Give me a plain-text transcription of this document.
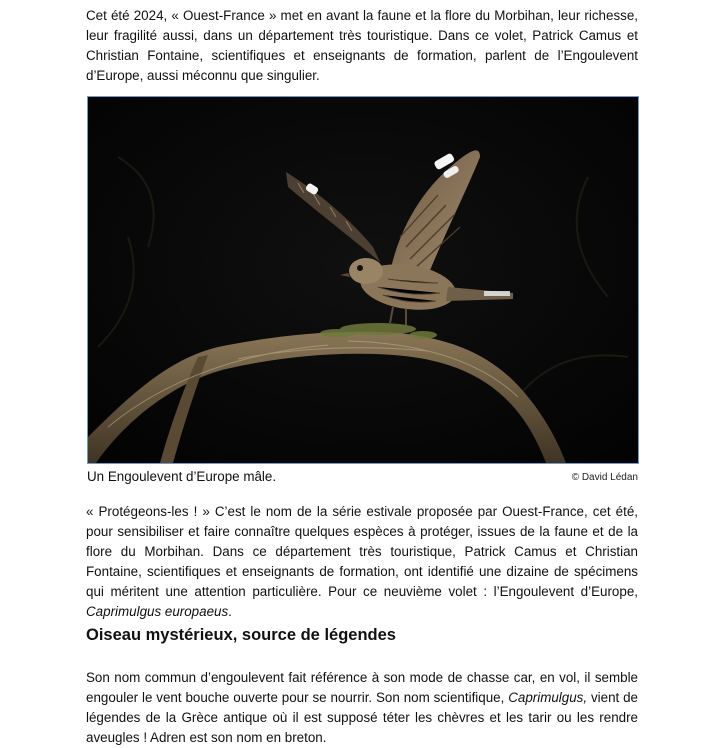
Cet été 2024, « Ouest-France » met en avant la faune et la flore du Morbihan, leur richesse, leur fragilité aussi, dans un département très touristique. Dans ce volet, Patrick Camus et Christian Fontaine, scientifiques et enseignants de formation, parlent de l’Engoulevent d’Europe, aussi méconnu que singulier.

Un Engoulevent d’Europe mâle.	© David Lédan

« Protégeons-les ! » C’est le nom de la série estivale proposée par Ouest-France, cet été, pour sensibiliser et faire connaître quelques espèces à protéger, issues de la faune et de la flore du Morbihan. Dans ce département très touristique, Patrick Camus et Christian Fontaine, scientifiques et enseignants de formation, ont identifié une dizaine de spécimens qui méritent une attention particulière. Pour ce neuvième volet : l’Engoulevent d’Europe, Caprimulgus europaeus.

Oiseau mystérieux, source de légendes

Son nom commun d’engoulevent fait référence à son mode de chasse car, en vol, il semble engouler le vent bouche ouverte pour se nourrir. Son nom scientifique, Caprimulgus, vient de légendes de la Grèce antique où il est supposé téter les chèvres et les tarir ou les rendre aveugles ! Adren est son nom en breton.
